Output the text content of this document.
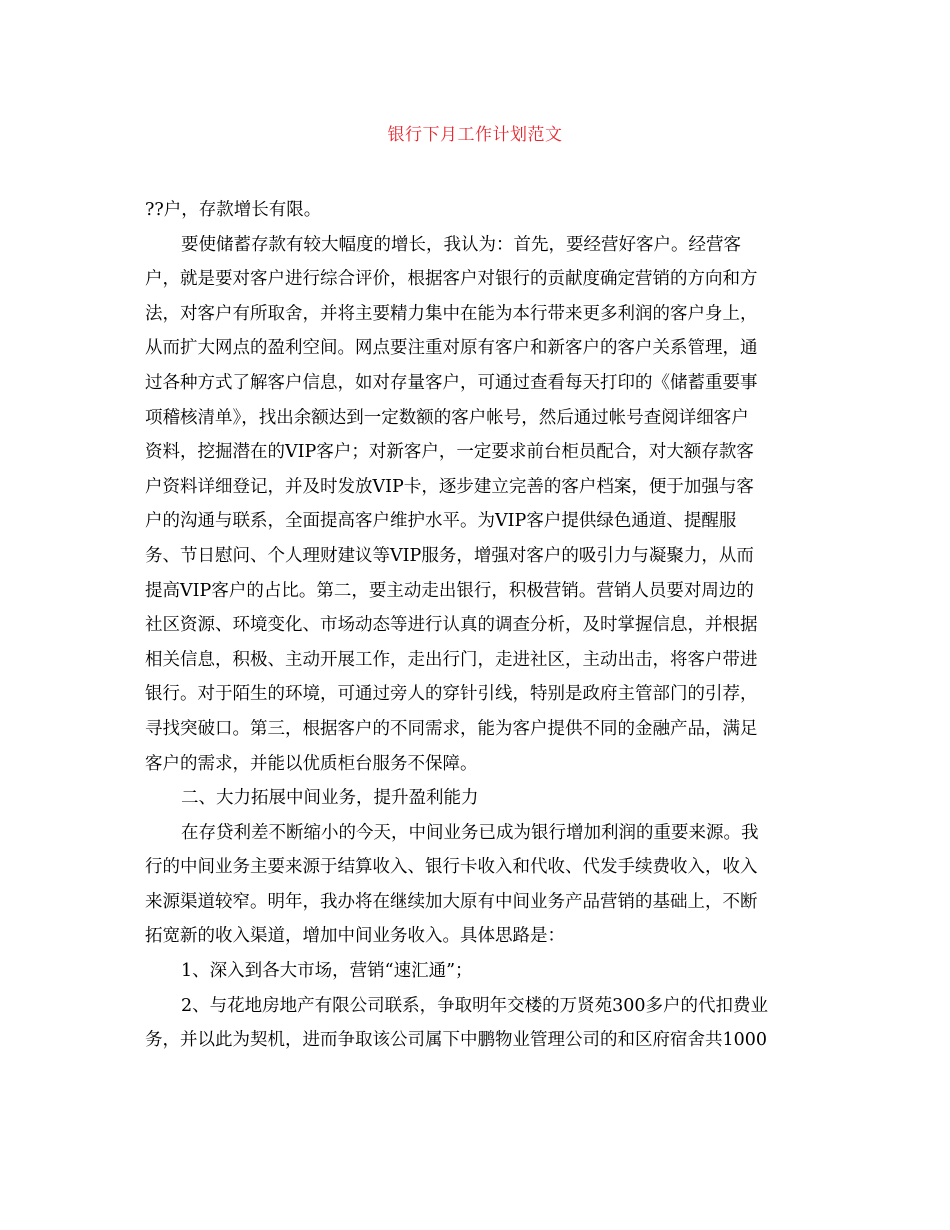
银行下月工作计划范文
??户，存款增长有限。
要使储蓄存款有较大幅度的增长，我认为：首先，要经营好客户。经营客
户，就是要对客户进行综合评价，根据客户对银行的贡献度确定营销的方向和方
法，对客户有所取舍，并将主要精力集中在能为本行带来更多利润的客户身上，
从而扩大网点的盈利空间。网点要注重对原有客户和新客户的客户关系管理，通
过各种方式了解客户信息，如对存量客户，可通过查看每天打印的《储蓄重要事
项稽核清单》，找出余额达到一定数额的客户帐号，然后通过帐号查阅详细客户
资料，挖掘潜在的VIP客户；对新客户，一定要求前台柜员配合，对大额存款客
户资料详细登记，并及时发放VIP卡，逐步建立完善的客户档案，便于加强与客
户的沟通与联系，全面提高客户维护水平。为VIP客户提供绿色通道、提醒服
务、节日慰问、个人理财建议等VIP服务，增强对客户的吸引力与凝聚力，从而
提高VIP客户的占比。第二，要主动走出银行，积极营销。营销人员要对周边的
社区资源、环境变化、市场动态等进行认真的调查分析，及时掌握信息，并根据
相关信息，积极、主动开展工作，走出行门，走进社区，主动出击，将客户带进
银行。对于陌生的环境，可通过旁人的穿针引线，特别是政府主管部门的引荐，
寻找突破口。第三，根据客户的不同需求，能为客户提供不同的金融产品，满足
客户的需求，并能以优质柜台服务不保障。
二、大力拓展中间业务，提升盈利能力
在存贷利差不断缩小的今天，中间业务已成为银行增加利润的重要来源。我
行的中间业务主要来源于结算收入、银行卡收入和代收、代发手续费收入，收入
来源渠道较窄。明年，我办将在继续加大原有中间业务产品营销的基础上，不断
拓宽新的收入渠道，增加中间业务收入。具体思路是：
1、深入到各大市场，营销“速汇通”；
2、与花地房地产有限公司联系，争取明年交楼的万贤苑300多户的代扣费业
务，并以此为契机，进而争取该公司属下中鹏物业管理公司的和区府宿舍共1000
